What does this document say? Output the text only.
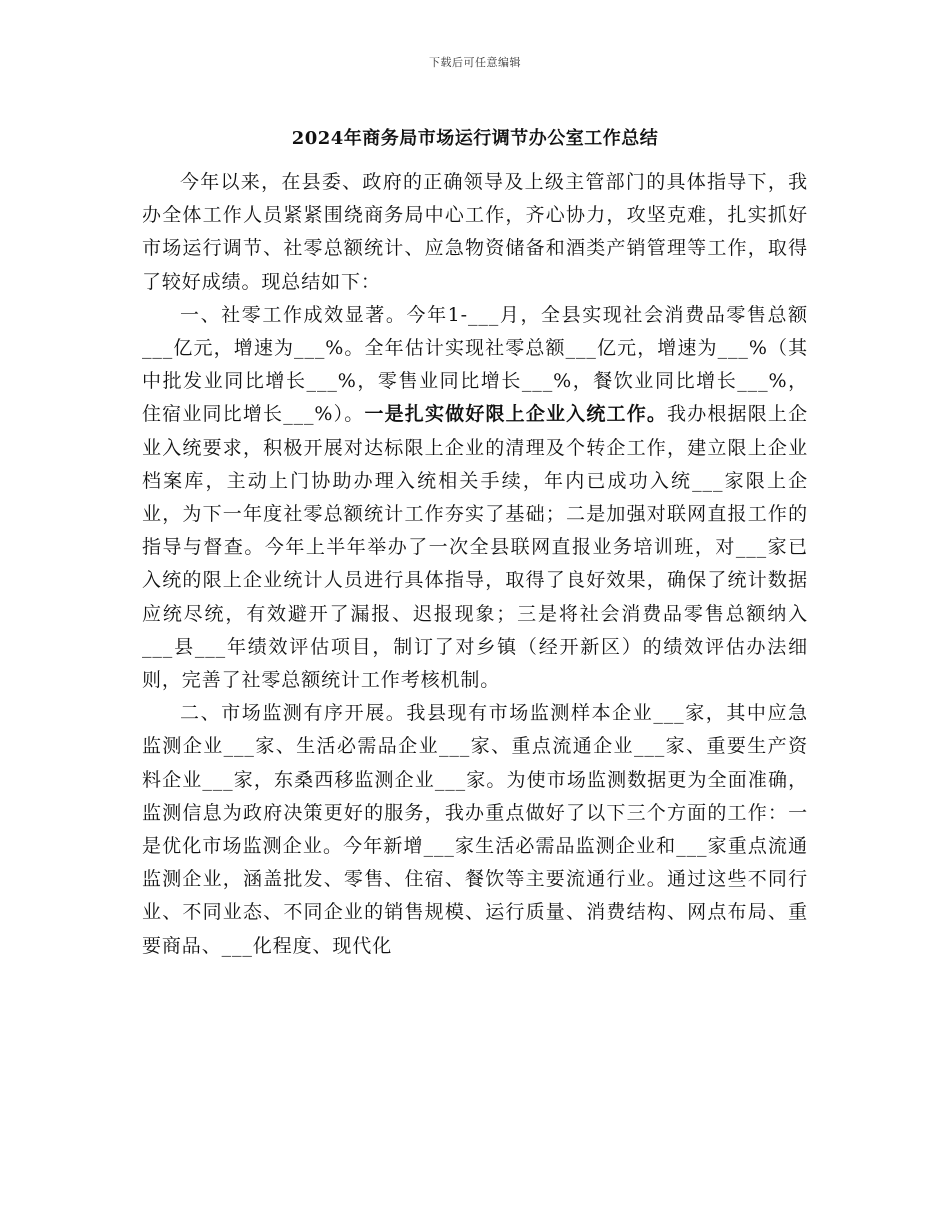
下载后可任意编辑
2024年商务局市场运行调节办公室工作总结

今年以来，在县委、政府的正确领导及上级主管部门的具体指导下，我办全体工作人员紧紧围绕商务局中心工作，齐心协力，攻坚克难，扎实抓好市场运行调节、社零总额统计、应急物资储备和酒类产销管理等工作，取得了较好成绩。现总结如下：

一、社零工作成效显著。今年1-___月，全县实现社会消费品零售总额___亿元，增速为___%。全年估计实现社零总额___亿元，增速为___%（其中批发业同比增长___%，零售业同比增长___%，餐饮业同比增长___%，住宿业同比增长___%）。一是扎实做好限上企业入统工作。我办根据限上企业入统要求，积极开展对达标限上企业的清理及个转企工作，建立限上企业档案库，主动上门协助办理入统相关手续，年内已成功入统___家限上企业，为下一年度社零总额统计工作夯实了基础；二是加强对联网直报工作的指导与督查。今年上半年举办了一次全县联网直报业务培训班，对___家已入统的限上企业统计人员进行具体指导，取得了良好效果，确保了统计数据应统尽统，有效避开了漏报、迟报现象；三是将社会消费品零售总额纳入___县___年绩效评估项目，制订了对乡镇（经开新区）的绩效评估办法细则，完善了社零总额统计工作考核机制。

二、市场监测有序开展。我县现有市场监测样本企业___家，其中应急监测企业___家、生活必需品企业___家、重点流通企业___家、重要生产资料企业___家，东桑西移监测企业___家。为使市场监测数据更为全面准确，监测信息为政府决策更好的服务，我办重点做好了以下三个方面的工作：一是优化市场监测企业。今年新增___家生活必需品监测企业和___家重点流通监测企业，涵盖批发、零售、住宿、餐饮等主要流通行业。通过这些不同行业、不同业态、不同企业的销售规模、运行质量、消费结构、网点布局、重要商品、___化程度、现代化
